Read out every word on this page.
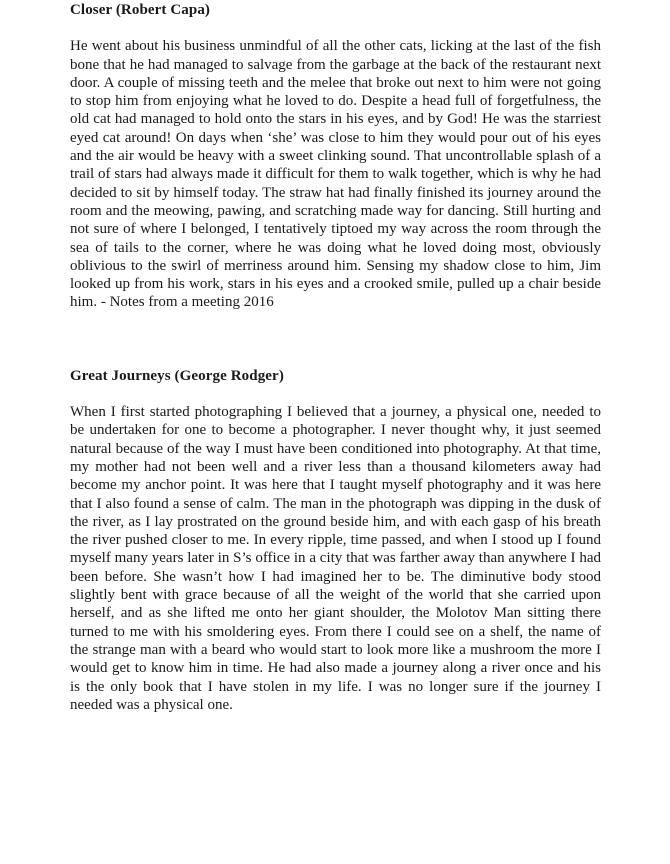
Closer (Robert Capa)

He went about his business unmindful of all the other cats, licking at the last of the fish bone that he had managed to salvage from the garbage at the back of the restaurant next door. A couple of missing teeth and the melee that broke out next to him were not going to stop him from enjoying what he loved to do. Despite a head full of forgetfulness, the old cat had managed to hold onto the stars in his eyes, and by God! He was the starriest eyed cat around! On days when ‘she’ was close to him they would pour out of his eyes and the air would be heavy with a sweet clinking sound. That uncontrollable splash of a trail of stars had always made it difficult for them to walk together, which is why he had decided to sit by himself today. The straw hat had finally finished its journey around the room and the meowing, pawing, and scratching made way for dancing. Still hurting and not sure of where I belonged, I tentatively tiptoed my way across the room through the sea of tails to the corner, where he was doing what he loved doing most, obviously oblivious to the swirl of merriness around him. Sensing my shadow close to him, Jim looked up from his work, stars in his eyes and a crooked smile, pulled up a chair beside him. - Notes from a meeting 2016

Great Journeys (George Rodger)

When I first started photographing I believed that a journey, a physical one, needed to be undertaken for one to become a photographer. I never thought why, it just seemed natural because of the way I must have been conditioned into photography. At that time, my mother had not been well and a river less than a thousand kilometers away had become my anchor point. It was here that I taught myself photography and it was here that I also found a sense of calm. The man in the photograph was dipping in the dusk of the river, as I lay prostrated on the ground beside him, and with each gasp of his breath the river pushed closer to me. In every ripple, time passed, and when I stood up I found myself many years later in S’s office in a city that was farther away than anywhere I had been before. She wasn’t how I had imagined her to be. The diminutive body stood slightly bent with grace because of all the weight of the world that she carried upon herself, and as she lifted me onto her giant shoulder, the Molotov Man sitting there turned to me with his smoldering eyes. From there I could see on a shelf, the name of the strange man with a beard who would start to look more like a mushroom the more I would get to know him in time. He had also made a journey along a river once and his is the only book that I have stolen in my life. I was no longer sure if the journey I needed was a physical one.
